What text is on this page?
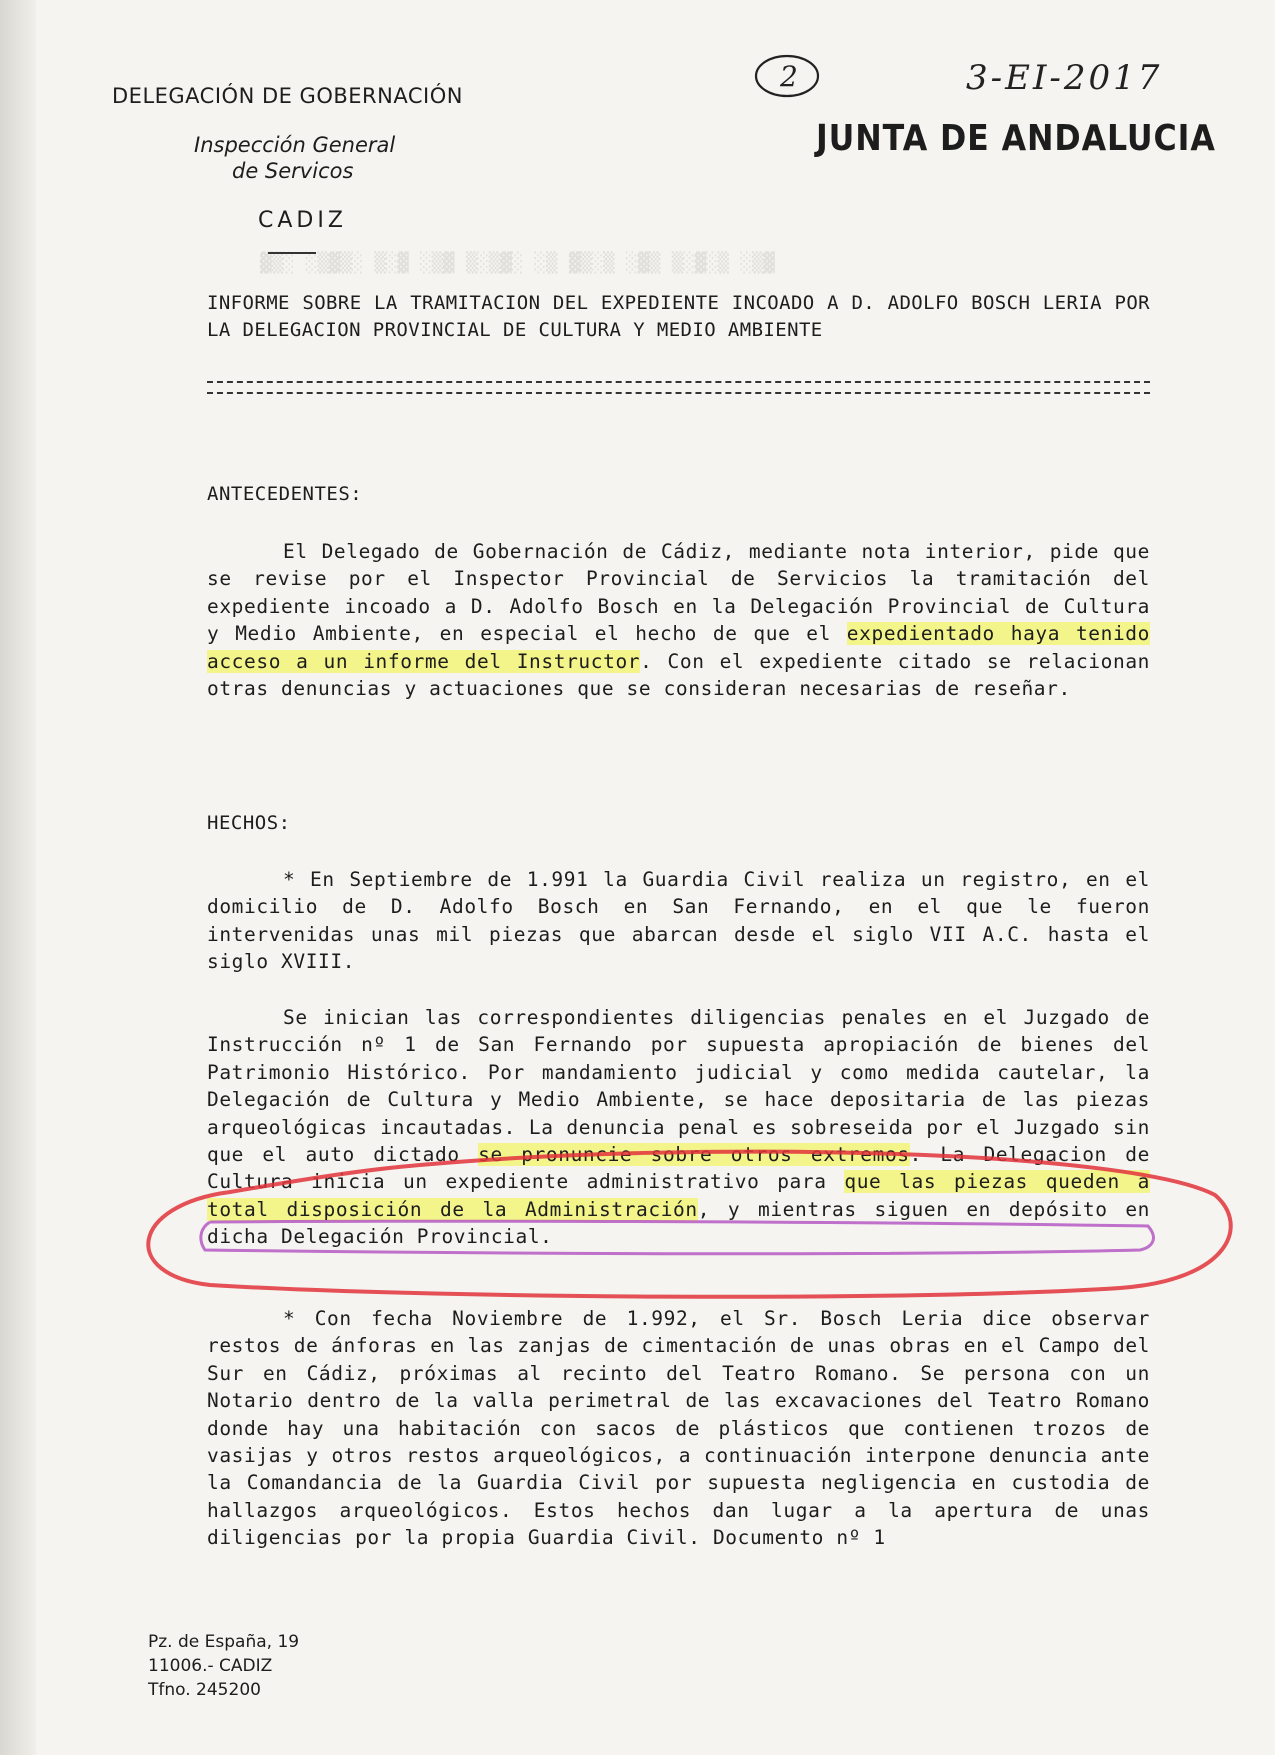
▓▒░ ░▒▓▒░ ▒░▓ ░▒▓ ▒░▒▓░ ░▒ ▓▒░▒ ░▓▒ ▒░▓░▒ ░▒▓
DELEGACIÓN DE GOBERNACIÓN
Inspección General
de Servicos
CADIZ
JUNTA DE ANDALUCIA
2	3-EI-2017
INFORME SOBRE LA TRAMITACION DEL EXPEDIENTE INCOADO A D. ADOLFO BOSCH LERIA POR LA DELEGACION PROVINCIAL DE CULTURA Y MEDIO AMBIENTE
ANTECEDENTES:
El Delegado de Gobernación de Cádiz, mediante nota interior, pide que se revise por el Inspector Provincial de Servicios la tramitación del expediente incoado a D. Adolfo Bosch en la Delegación Provincial de Cultura y Medio Ambiente, en especial el hecho de que el expedientado haya tenido acceso a un informe del Instructor. Con el expediente citado se relacionan otras denuncias y actuaciones que se consideran necesarias de reseñar.
HECHOS:
* En Septiembre de 1.991 la Guardia Civil realiza un registro, en el domicilio de D. Adolfo Bosch en San Fernando, en el que le fueron intervenidas unas mil piezas que abarcan desde el siglo VII A.C. hasta el siglo XVIII.
Se inician las correspondientes diligencias penales en el Juzgado de Instrucción nº 1 de San Fernando por supuesta apropiación de bienes del Patrimonio Histórico. Por mandamiento judicial y como medida cautelar, la Delegación de Cultura y Medio Ambiente, se hace depositaria de las piezas arqueológicas incautadas. La denuncia penal es sobreseida por el Juzgado sin que el auto dictado se pronuncie sobre otros extremos. La Delegacion de Cultura inicia un expediente administrativo para que las piezas queden a total disposición de la Administración, y mientras siguen en depósito en dicha Delegación Provincial.
* Con fecha Noviembre de 1.992, el Sr. Bosch Leria dice observar restos de ánforas en las zanjas de cimentación de unas obras en el Campo del Sur en Cádiz, próximas al recinto del Teatro Romano. Se persona con un Notario dentro de la valla perimetral de las excavaciones del Teatro Romano donde hay una habitación con sacos de plásticos que contienen trozos de vasijas y otros restos arqueológicos, a continuación interpone denuncia ante la Comandancia de la Guardia Civil por supuesta negligencia en custodia de hallazgos arqueológicos. Estos hechos dan lugar a la apertura de unas diligencias por la propia Guardia Civil. Documento nº 1
Pz. de España, 19
11006.- CADIZ
Tfno. 245200
